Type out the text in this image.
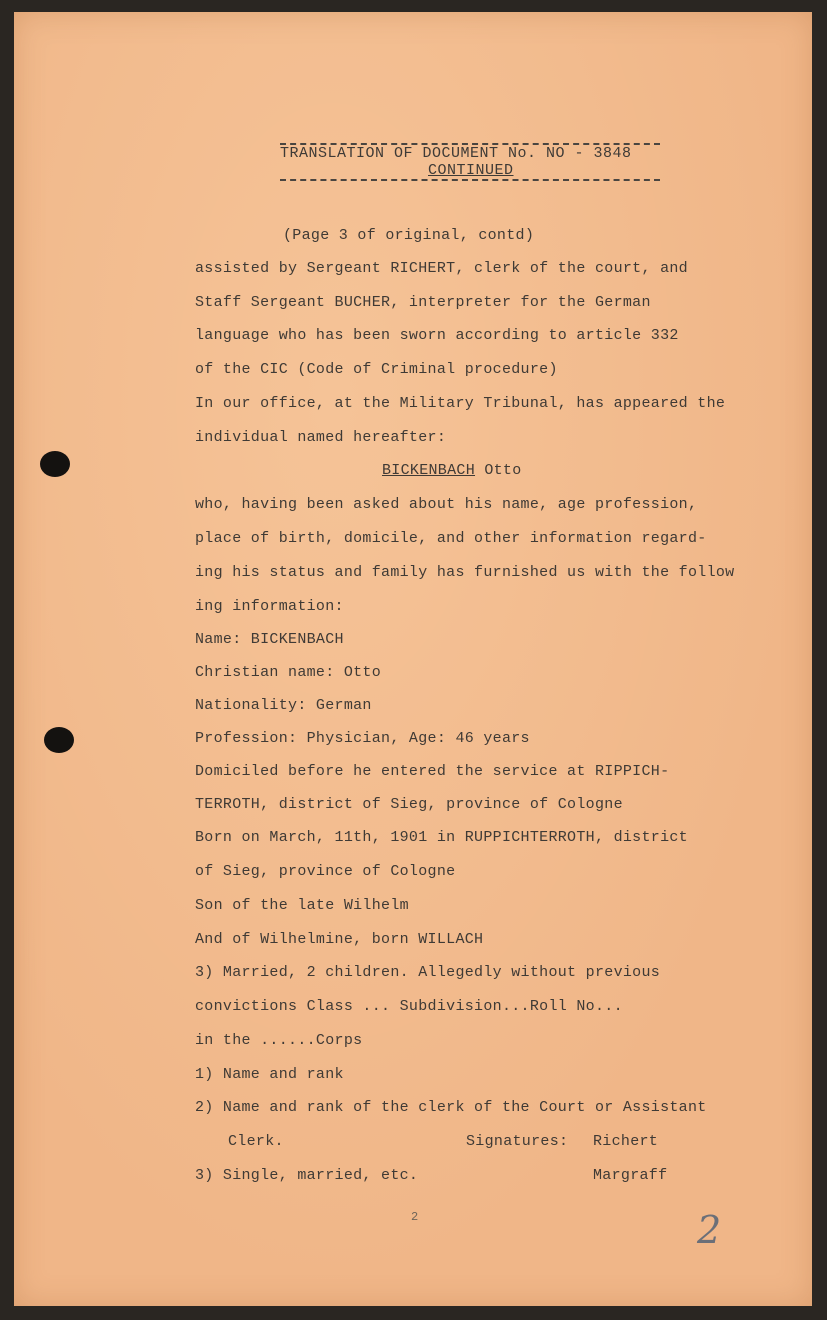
TRANSLATION OF DOCUMENT No. NO - 3848
CONTINUED
(Page 3 of original, contd)
assisted by Sergeant RICHERT, clerk of the court, and
Staff Sergeant BUCHER, interpreter for the German
language who has been sworn according to article 332
of the CIC (Code of Criminal procedure)
In our office, at the Military Tribunal, has appeared the
individual named hereafter:
BICKENBACH Otto
who, having been asked about his name, age profession,
place of birth, domicile, and other information regard-
ing his status and family has furnished us with the follow
ing information:
Name: BICKENBACH
Christian name: Otto
Nationality: German
Profession: Physician, Age: 46 years
Domiciled before he entered the service at RIPPICH-
TERROTH, district of Sieg, province of Cologne
Born on March, 11th, 1901 in RUPPICHTERROTH, district
of Sieg, province of Cologne
Son of the late Wilhelm
And of Wilhelmine, born WILLACH
3) Married, 2 children. Allegedly without previous
convictions Class ... Subdivision...Roll No...
in the ......Corps
1) Name and rank
2) Name and rank of the clerk of the Court or Assistant
Clerk.	Signatures: Richert
3) Single, married, etc.	Margraff
2	2
